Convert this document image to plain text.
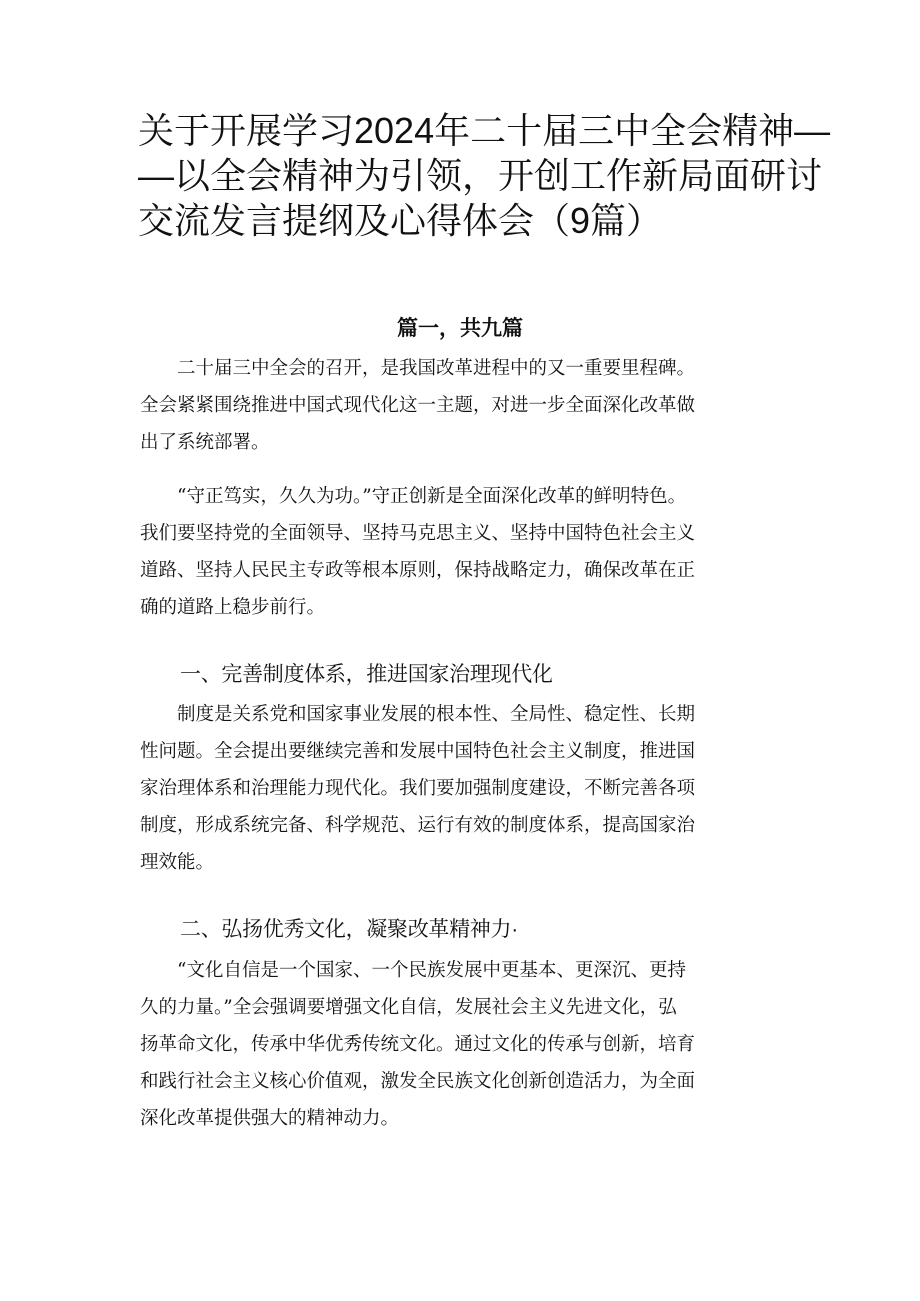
关于开展学习2024年二十届三中全会精神—
—以全会精神为引领，开创工作新局面研讨
交流发言提纲及心得体会（9篇）
篇一，共九篇

　　二十届三中全会的召开，是我国改革进程中的又一重要里程碑。
全会紧紧围绕推进中国式现代化这一主题，对进一步全面深化改革做
出了系统部署。

　　“守正笃实，久久为功。”守正创新是全面深化改革的鲜明特色。
我们要坚持党的全面领导、坚持马克思主义、坚持中国特色社会主义
道路、坚持人民民主专政等根本原则，保持战略定力，确保改革在正
确的道路上稳步前行。

一、完善制度体系，推进国家治理现代化

　　制度是关系党和国家事业发展的根本性、全局性、稳定性、长期
性问题。全会提出要继续完善和发展中国特色社会主义制度，推进国
家治理体系和治理能力现代化。我们要加强制度建设，不断完善各项
制度，形成系统完备、科学规范、运行有效的制度体系，提高国家治
理效能。

二、弘扬优秀文化，凝聚改革精神力·

　　“文化自信是一个国家、一个民族发展中更基本、更深沉、更持
久的力量。”全会强调要增强文化自信，发展社会主义先进文化，弘
扬革命文化，传承中华优秀传统文化。通过文化的传承与创新，培育
和践行社会主义核心价值观，激发全民族文化创新创造活力，为全面
深化改革提供强大的精神动力。
